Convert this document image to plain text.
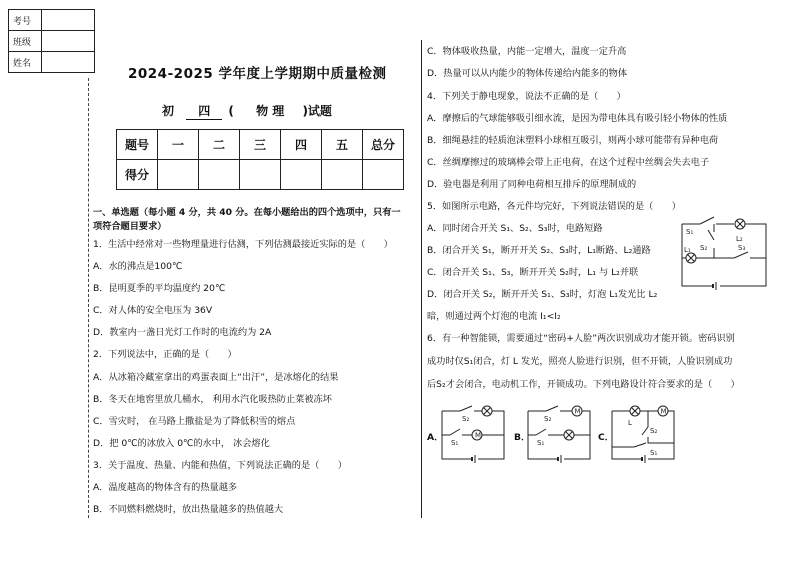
考号	
班级	
姓名	
2024-2025 学年度上学期期中质量检测
初 四 ( 物 理 )试题
题号	一	二	三	四	五	总分
得分						
一、单选题（每小题 4 分，共 40 分。在每小题给出的四个选项中，只有一
项符合题目要求）
1．生活中经常对一些物理量进行估测，下列估测最接近实际的是（　　）
A．水的沸点是100℃
B．昆明夏季的平均温度约 20℃
C．对人体的安全电压为 36V
D．教室内一盏日光灯工作时的电流约为 2A
2．下列说法中，正确的是（　　）
A．从冰箱冷藏室拿出的鸡蛋表面上“出汗”，是冰熔化的结果
B．冬天在地窖里放几桶水， 利用水汽化吸热防止菜被冻坏
C．雪灾时， 在马路上撒盐是为了降低积雪的熔点
D．把 0℃的冰放入 0℃的水中， 冰会熔化
3．关于温度、热量、内能和热值，下列说法正确的是（　　）
A．温度越高的物体含有的热量越多
B．不同燃料燃烧时，放出热量越多的热值越大
C．物体吸收热量，内能一定增大，温度一定升高
D．热量可以从内能少的物体传递给内能多的物体
4．下列关于静电现象，说法不正确的是（　　）
A．摩擦后的气球能够吸引细水流，是因为带电体具有吸引轻小物体的性质
B．细绳悬挂的轻质泡沫塑料小球相互吸引，则两小球可能带有异种电荷
C．丝绸摩擦过的玻璃棒会带上正电荷，在这个过程中丝绸会失去电子
D．验电器是利用了同种电荷相互排斥的原理制成的
5．如图所示电路，各元件均完好，下列说法错误的是（　　）
A．同时闭合开关 S₁、S₂、S₃时，电路短路
B．闭合开关 S₁，断开开关 S₂、S₃时，L₁断路、L₂通路
C．闭合开关 S₁、S₃，断开开关 S₂时，L₁ 与 L₂并联
D．闭合开关 S₂，断开开关 S₁、S₃时，灯泡 L₁发光比 L₂
暗，则通过两个灯泡的电流 I₁<I₂
6．有一种智能锁，需要通过“密码+人脸”两次识别成功才能开锁。密码识别
成功时仅S₁闭合，灯 L 发光，照亮人脸进行识别，但不开锁，人脸识别成功
后S₂才会闭合，电动机工作，开锁成功。下列电路设计符合要求的是（　　）
S₁
S₂	S₃
L₂
L₁
A．	B．	C．
S₂
M
S₁
S₂
M
S₁
L
M
S₂
S₁
